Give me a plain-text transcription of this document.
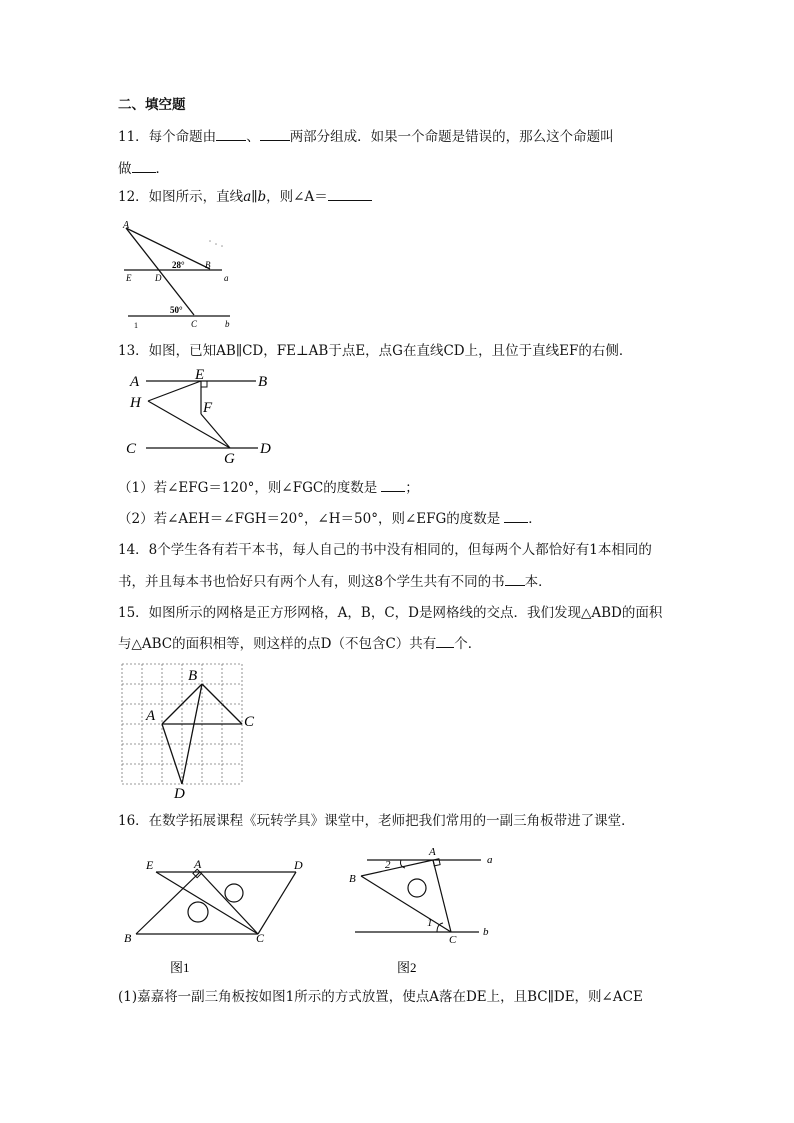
二、填空题
11．每个命题由 、 两部分组成．如果一个命题是错误的，那么这个命题叫
做 ．
12．如图所示，直线a∥b，则∠A＝
A
28° B
E	D	a
50°
1	C	b
13．如图，已知AB∥CD，FE⊥AB于点E，点G在直线CD上，且位于直线EF的右侧．
A	E	B
H	F
C
G
D
（1）若∠EFG＝120°，则∠FGC的度数是 ；
（2）若∠AEH＝∠FGH＝20°，∠H＝50°，则∠EFG的度数是 ．
14．8个学生各有若干本书，每人自己的书中没有相同的，但每两个人都恰好有1本相同的
书，并且每本书也恰好只有两个人有，则这8个学生共有不同的书 本．
15．如图所示的网格是正方形网格，A，B，C，D是网格线的交点．我们发现△ABD的面积
与△ABC的面积相等，则这样的点D（不包含C）共有 个．
B
A	C
D
16．在数学拓展课程《玩转学具》课堂中，老师把我们常用的一副三角板带进了课堂．
E	A	D
B	C
图1
A
a
2
B
1
C
b
图2
(1)嘉嘉将一副三角板按如图1所示的方式放置，使点A落在DE上，且BC∥DE，则∠ACE
